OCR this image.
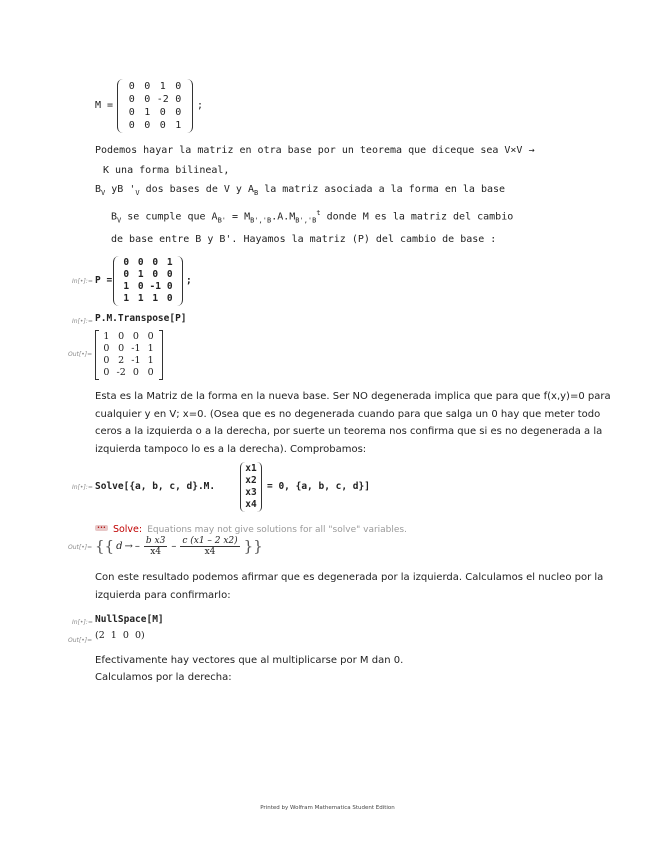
M =
0 0 1 0
0 0 -2 0
0 1 0 0
0 0 0 1
;
Podemos hayar la matriz en otra base por un teorema que diceque sea V×V →
K una forma bilineal,
$B_V$ yB '$_V$ dos bases de V y $A_B$ la matriz asociada a la forma en la base
$B_V$ se cumple que $A_{B'} = M_{B','B}.A.M_{B','B}^t$ donde M es la matriz del cambio
de base entre B y B'. Hayamos la matriz (P) del cambio de base :
In[•]:= P =
0 0 0 1
0 1 0 0
1 0 -1 0
1 1 1 0
;
In[•]:= P.M.Transpose[P]
Out[•]=
1 0 0 0
0 0 -1 1
0 2 -1 1
0 -2 0 0
Esta es la Matriz de la forma en la nueva base. Ser NO degenerada implica que para que f(x,y)=0 para
cualquier y en V; x=0. (Osea que es no degenerada cuando para que salga un 0 hay que meter todo
ceros a la izquierda o a la derecha, por suerte un teorema nos confirma que si es no degenerada a la
izquierda tampoco lo es a la derecha). Comprobamos:
In[•]:= Solve[{a, b, c, d}.M.
x1
x2
x3
x4
= 0, {a, b, c, d}]
••• Solve: Equations may not give solutions for all "solve" variables.
Out[•]= {{ d → – b x3
x4 – c (x1 – 2 x2)
x4 }}
Con este resultado podemos afirmar que es degenerada por la izquierda. Calculamos el nucleo por la
izquierda para confirmarlo:
In[•]:= NullSpace[M]
Out[•]= (2  1  0  0)
Efectivamente hay vectores que al multiplicarse por M dan 0.
Calculamos por la derecha:
Printed by Wolfram Mathematica Student Edition
